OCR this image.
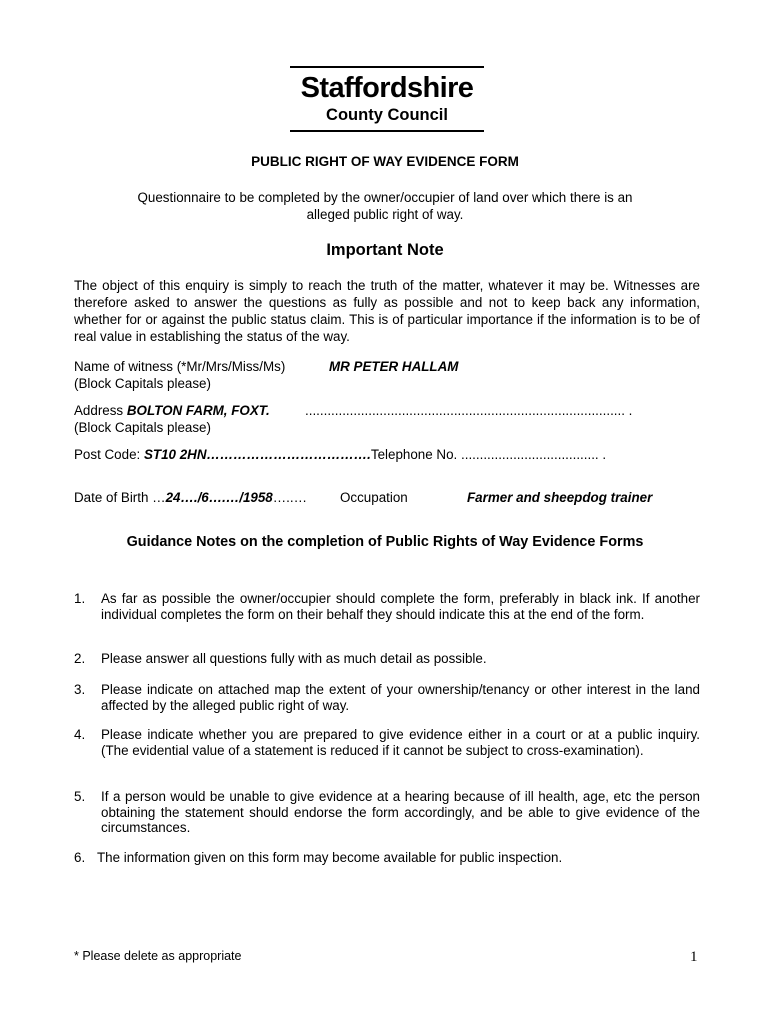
Staffordshire
County Council
PUBLIC RIGHT OF WAY EVIDENCE FORM
Questionnaire to be completed by the owner/occupier of land over which there is an
alleged public right of way.
Important Note
The object of this enquiry is simply to reach the truth of the matter, whatever it may be. Witnesses are therefore asked to answer the questions as fully as possible and not to keep back any information, whether for or against the public status claim. This is of particular importance if the information is to be of real value in establishing the status of the way.
Name of witness (*Mr/Mrs/Miss/Ms)	MR PETER HALLAM
(Block Capitals please)
Address BOLTON FARM, FOXT.	...................................................................................... .
(Block Capitals please)
Post Code: ST10 2HN……………………………….Telephone No. ..................................... .
Date of Birth …24…./6….…/1958…..… Occupation	Farmer and sheepdog trainer
Guidance Notes on the completion of Public Rights of Way Evidence Forms
1. As far as possible the owner/occupier should complete the form, preferably in black ink. If another individual completes the form on their behalf they should indicate this at the end of the form.
2. Please answer all questions fully with as much detail as possible.
3. Please indicate on attached map the extent of your ownership/tenancy or other interest in the land affected by the alleged public right of way.
4. Please indicate whether you are prepared to give evidence either in a court or at a public inquiry. (The evidential value of a statement is reduced if it cannot be subject to cross-examination).
5. If a person would be unable to give evidence at a hearing because of ill health, age, etc the person obtaining the statement should endorse the form accordingly, and be able to give evidence of the circumstances.
6. The information given on this form may become available for public inspection.
* Please delete as appropriate	1
